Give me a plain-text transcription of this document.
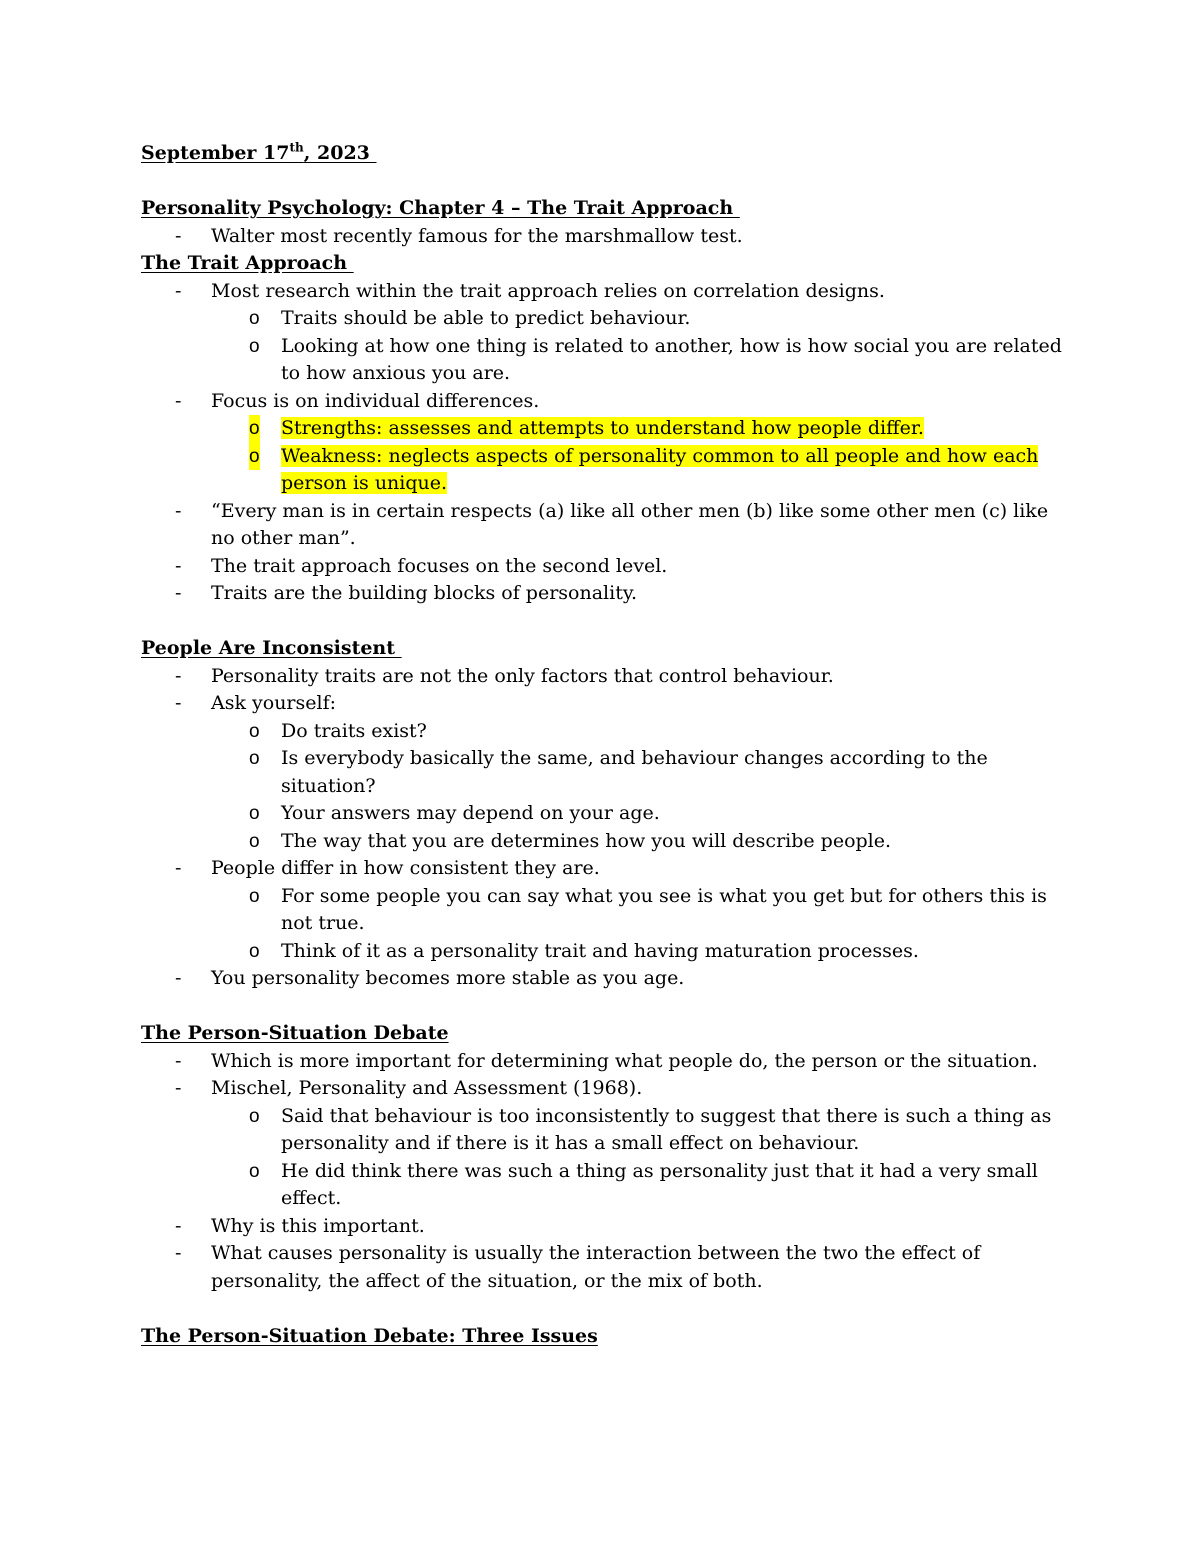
September 17th, 2023
Personality Psychology: Chapter 4 – The Trait Approach
- Walter most recently famous for the marshmallow test.
The Trait Approach
- Most research within the trait approach relies on correlation designs.
o Traits should be able to predict behaviour.
o Looking at how one thing is related to another, how is how social you are related to how anxious you are.
- Focus is on individual differences.
o Strengths: assesses and attempts to understand how people differ.
o Weakness: neglects aspects of personality common to all people and how each person is unique.
- “Every man is in certain respects (a) like all other men (b) like some other men (c) like no other man”.
- The trait approach focuses on the second level.
- Traits are the building blocks of personality.
People Are Inconsistent
- Personality traits are not the only factors that control behaviour.
- Ask yourself:
o Do traits exist?
o Is everybody basically the same, and behaviour changes according to the situation?
o Your answers may depend on your age.
o The way that you are determines how you will describe people.
- People differ in how consistent they are.
o For some people you can say what you see is what you get but for others this is not true.
o Think of it as a personality trait and having maturation processes.
- You personality becomes more stable as you age.
The Person-Situation Debate
- Which is more important for determining what people do, the person or the situation.
- Mischel, Personality and Assessment (1968).
o Said that behaviour is too inconsistently to suggest that there is such a thing as personality and if there is it has a small effect on behaviour.
o He did think there was such a thing as personality just that it had a very small effect.
- Why is this important.
- What causes personality is usually the interaction between the two the effect of personality, the affect of the situation, or the mix of both.
The Person-Situation Debate: Three Issues
